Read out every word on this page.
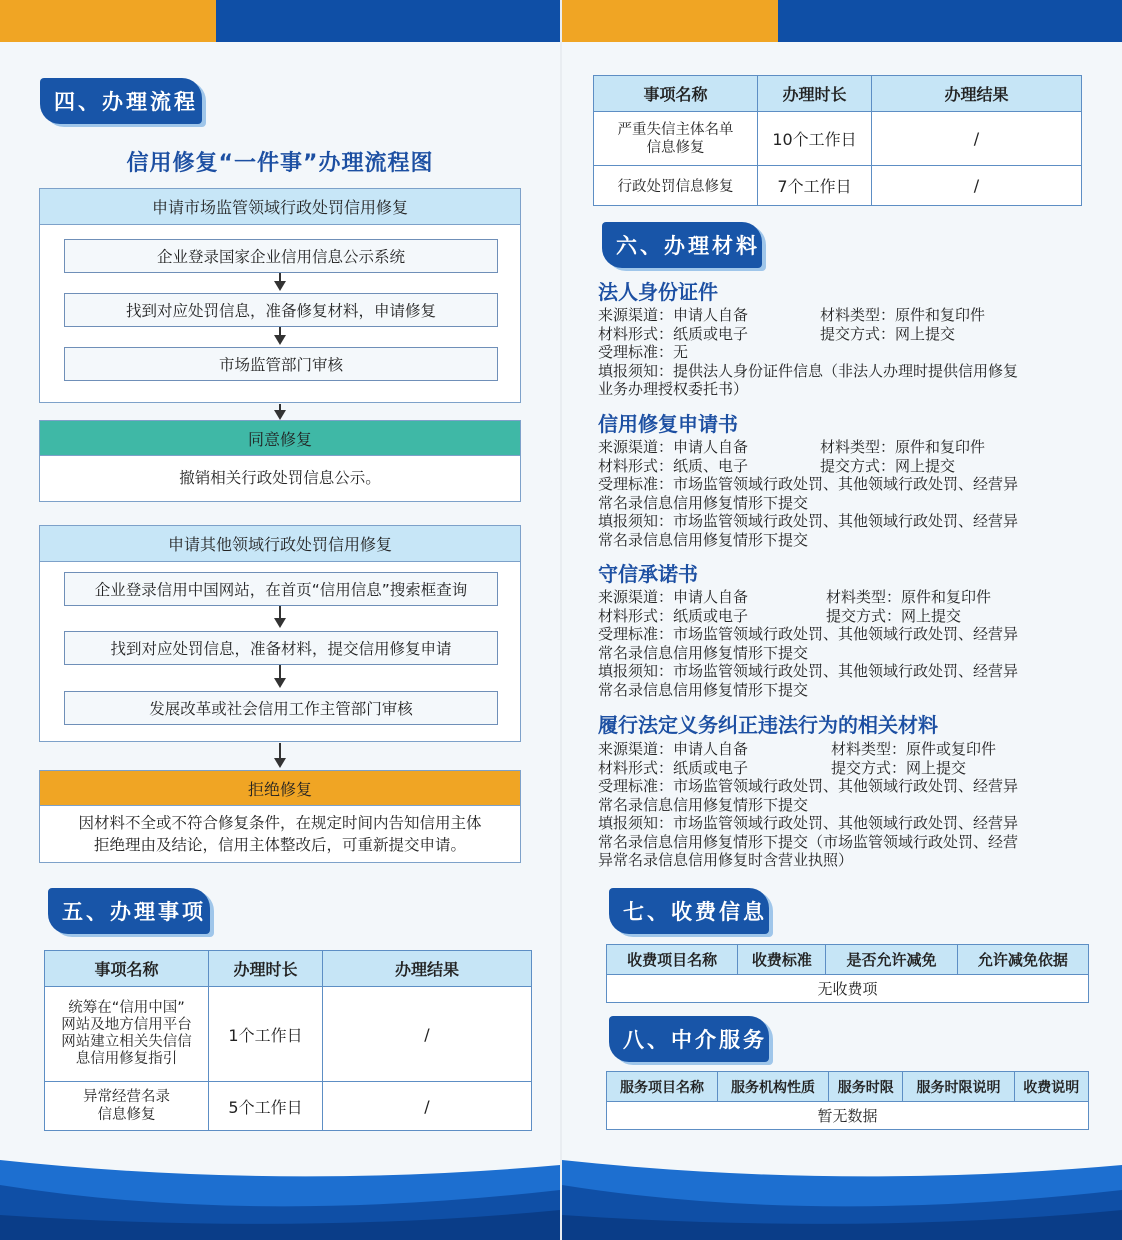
四、办理流程
信用修复“一件事”办理流程图
申请市场监管领域行政处罚信用修复
企业登录国家企业信用信息公示系统
找到对应处罚信息，准备修复材料，申请修复
市场监管部门审核
同意修复
撤销相关行政处罚信息公示。
申请其他领域行政处罚信用修复
企业登录信用中国网站，在首页“信用信息”搜索框查询
找到对应处罚信息，准备材料，提交信用修复申请
发展改革或社会信用工作主管部门审核
拒绝修复
因材料不全或不符合修复条件，在规定时间内告知信用主体
拒绝理由及结论，信用主体整改后，可重新提交申请。
五、办理事项
事项名称	办理时长	办理结果

统筹在“信用中国”
网站及地方信用平台
网站建立相关失信信
息信用修复指引	1个工作日	/

异常经营名录
信息修复	5个工作日	/
事项名称	办理时长	办理结果

严重失信主体名单
信息修复	10个工作日	/
行政处罚信息修复	7个工作日	/
六、办理材料
法人身份证件
来源渠道：申请人自备	材料类型：原件和复印件
材料形式：纸质或电子	提交方式：网上提交
受理标准：无
填报须知：提供法人身份证件信息（非法人办理时提供信用修复
业务办理授权委托书）
信用修复申请书
来源渠道：申请人自备	材料类型：原件和复印件
材料形式：纸质、电子	提交方式：网上提交
受理标准：市场监管领域行政处罚、其他领域行政处罚、经营异
常名录信息信用修复情形下提交
填报须知：市场监管领域行政处罚、其他领域行政处罚、经营异
常名录信息信用修复情形下提交
守信承诺书
来源渠道：申请人自备	材料类型：原件和复印件
材料形式：纸质或电子	提交方式：网上提交
受理标准：市场监管领域行政处罚、其他领域行政处罚、经营异
常名录信息信用修复情形下提交
填报须知：市场监管领域行政处罚、其他领域行政处罚、经营异
常名录信息信用修复情形下提交
履行法定义务纠正违法行为的相关材料
来源渠道：申请人自备	材料类型：原件或复印件
材料形式：纸质或电子	提交方式：网上提交
受理标准：市场监管领域行政处罚、其他领域行政处罚、经营异
常名录信息信用修复情形下提交
填报须知：市场监管领域行政处罚、其他领域行政处罚、经营异
常名录信息信用修复情形下提交（市场监管领域行政处罚、经营
异常名录信息信用修复时含营业执照）
七、收费信息
收费项目名称	收费标准	是否允许减免	允许减免依据
无收费项
八、中介服务
服务项目名称	服务机构性质	服务时限	服务时限说明	收费说明
暂无数据
